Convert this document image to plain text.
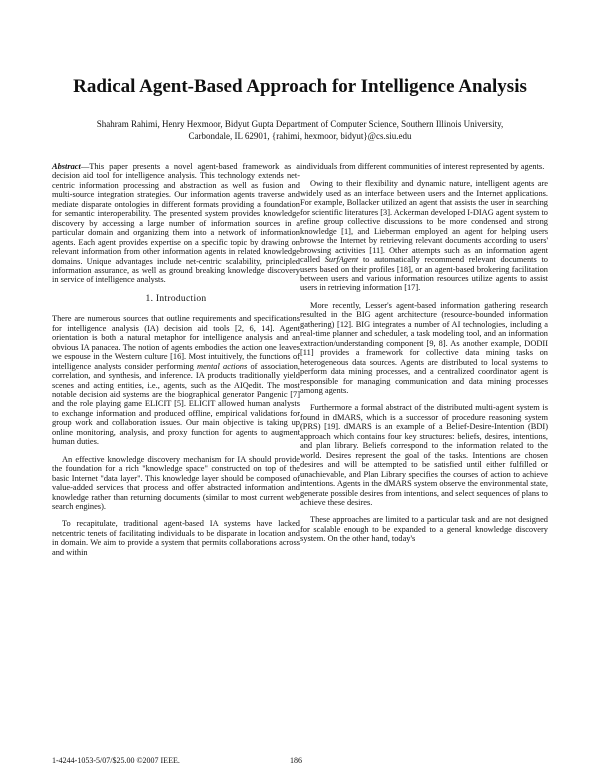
Radical Agent-Based Approach for Intelligence Analysis
Shahram Rahimi, Henry Hexmoor, Bidyut Gupta Department of Computer Science, Southern Illinois University,
Carbondale, IL 62901, {rahimi, hexmoor, bidyut}@cs.siu.edu

Abstract—This paper presents a novel agent-based framework as a decision aid tool for intelligence analysis. This technology extends net-centric information processing and abstraction as well as fusion and multi-source integration strategies. Our information agents traverse and mediate disparate ontologies in different formats providing a foundation for semantic interoperability. The presented system provides knowledge discovery by accessing a large number of information sources in a particular domain and organizing them into a network of information agents. Each agent provides expertise on a specific topic by drawing on relevant information from other information agents in related knowledge domains. Unique advantages include net-centric scalability, principled information assurance, as well as ground breaking knowledge discovery in service of intelligence analysts.

1. Introduction

There are numerous sources that outline requirements and specifications for intelligence analysis (IA) decision aid tools [2, 6, 14]. Agent orientation is both a natural metaphor for intelligence analysis and an obvious IA panacea. The notion of agents embodies the action one leaves we espouse in the Western culture [16]. Most intuitively, the functions of intelligence analysts consider performing mental actions of association, correlation, and synthesis, and inference. IA products traditionally yield scenes and acting entities, i.e., agents, such as the AIQedit. The most notable decision aid systems are the biographical generator Pangenic [7] and the role playing game ELICIT [5]. ELICIT allowed human analysts to exchange information and produced offline, empirical validations for group work and collaboration issues. Our main objective is taking up online monitoring, analysis, and proxy function for agents to augment human duties.

An effective knowledge discovery mechanism for IA should provide the foundation for a rich "knowledge space" constructed on top of the basic Internet "data layer". This knowledge layer should be composed of value-added services that process and offer abstracted information and knowledge rather than returning documents (similar to most current web search engines).

To recapitulate, traditional agent-based IA systems have lacked netcentric tenets of facilitating individuals to be disparate in location and in domain. We aim to provide a system that permits collaborations across and within

individuals from different communities of interest represented by agents.

Owing to their flexibility and dynamic nature, intelligent agents are widely used as an interface between users and the Internet applications. For example, Bollacker utilized an agent that assists the user in searching for scientific literatures [3]. Ackerman developed I-DIAG agent system to refine group collective discussions to be more condensed and strong knowledge [1], and Lieberman employed an agent for helping users browse the Internet by retrieving relevant documents according to users' browsing activities [11]. Other attempts such as an information agent called SurfAgent to automatically recommend relevant documents to users based on their profiles [18], or an agent-based brokering facilitation between users and various information resources utilize agents to assist users in retrieving information [17].

More recently, Lesser's agent-based information gathering research resulted in the BIG agent architecture (resource-bounded information gathering) [12]. BIG integrates a number of AI technologies, including a real-time planner and scheduler, a task modeling tool, and an information extraction/understanding component [9, 8]. As another example, DODII [11] provides a framework for collective data mining tasks on heterogeneous data sources. Agents are distributed to local systems to perform data mining processes, and a centralized coordinator agent is responsible for managing communication and data mining processes among agents.

Furthermore a formal abstract of the distributed multi-agent system is found in dMARS, which is a successor of procedure reasoning system (PRS) [19]. dMARS is an example of a Belief-Desire-Intention (BDI) approach which contains four key structures: beliefs, desires, intentions, and plan library. Beliefs correspond to the information related to the world. Desires represent the goal of the tasks. Intentions are chosen desires and will be attempted to be satisfied until either fulfilled or unachievable, and Plan Library specifies the courses of action to achieve intentions. Agents in the dMARS system observe the environmental state, generate possible desires from intentions, and select sequences of plans to achieve these desires.

These approaches are limited to a particular task and are not designed for scalable enough to be expanded to a general knowledge discovery system. On the other hand, today's

1-4244-1053-5/07/$25.00 ©2007 IEEE.	186
